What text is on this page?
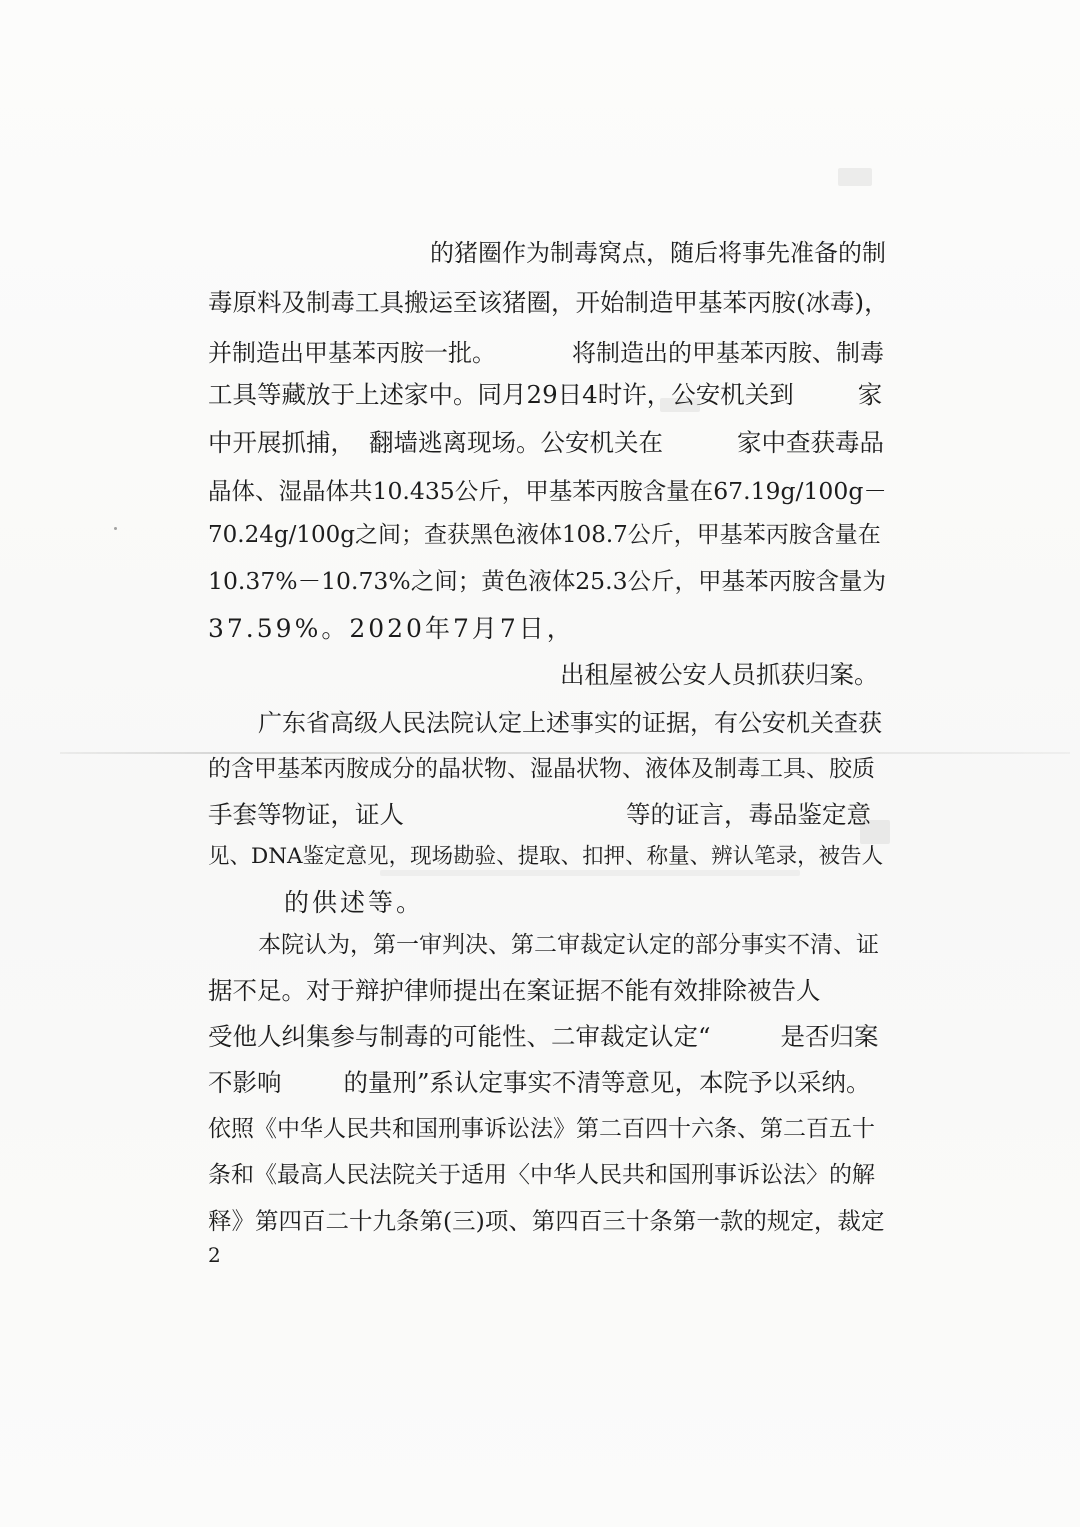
的猪圈作为制毒窝点，随后将事先准备的制
毒原料及制毒工具搬运至该猪圈，开始制造甲基苯丙胺(冰毒)，
并制造出甲基苯丙胺一批。	将制造出的甲基苯丙胺、制毒
工具等藏放于上述家中。同月29日4时许，公安机关到	家
中开展抓捕， 翻墙逃离现场。公安机关在	家中查获毒品
晶体、湿晶体共10.435公斤，甲基苯丙胺含量在67.19g/100g－
70.24g/100g之间；查获黑色液体108.7公斤，甲基苯丙胺含量在
10.37%－10.73%之间；黄色液体25.3公斤，甲基苯丙胺含量为
37.59%。2020年7月7日，
出租屋被公安人员抓获归案。
广东省高级人民法院认定上述事实的证据，有公安机关查获
的含甲基苯丙胺成分的晶状物、湿晶状物、液体及制毒工具、胶质
手套等物证，证人	等的证言，毒品鉴定意
见、DNA鉴定意见，现场勘验、提取、扣押、称量、辨认笔录，被告人
的供述等。
本院认为，第一审判决、第二审裁定认定的部分事实不清、证
据不足。对于辩护律师提出在案证据不能有效排除被告人
受他人纠集参与制毒的可能性、二审裁定认定“	是否归案
不影响	的量刑”系认定事实不清等意见，本院予以采纳。
依照《中华人民共和国刑事诉讼法》第二百四十六条、第二百五十
条和《最高人民法院关于适用〈中华人民共和国刑事诉讼法〉的解
释》第四百二十九条第(三)项、第四百三十条第一款的规定，裁定
2
